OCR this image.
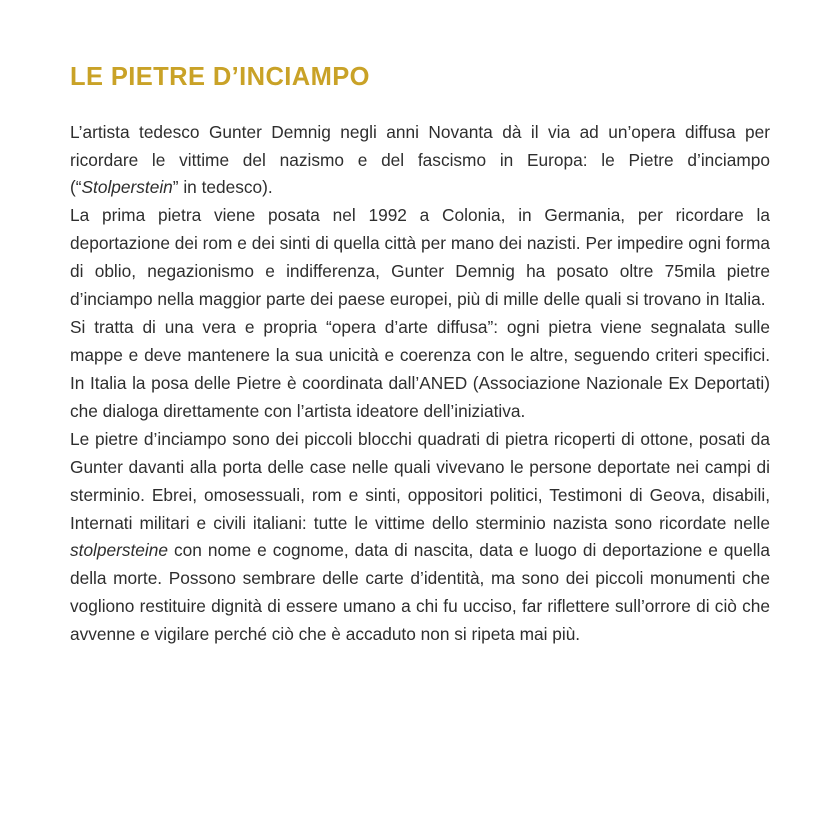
LE PIETRE D’INCIAMPO

L’artista tedesco Gunter Demnig negli anni Novanta dà il via ad un’opera diffusa per ricordare le vittime del nazismo e del fascismo in Europa: le Pietre d’inciampo (“Stolperstein” in tedesco).

La prima pietra viene posata nel 1992 a Colonia, in Germania, per ricordare la deportazione dei rom e dei sinti di quella città per mano dei nazisti. Per impedire ogni forma di oblio, negazionismo e indifferenza, Gunter Demnig ha posato oltre 75mila pietre d’inciampo nella maggior parte dei paese europei, più di mille delle quali si trovano in Italia.

Si tratta di una vera e propria “opera d’arte diffusa”: ogni pietra viene segnalata sulle mappe e deve mantenere la sua unicità e coerenza con le altre, seguendo criteri specifici. In Italia la posa delle Pietre è coordinata dall’ANED (Associazione Nazionale Ex Deportati) che dialoga direttamente con l’artista ideatore dell’iniziativa.

Le pietre d’inciampo sono dei piccoli blocchi quadrati di pietra ricoperti di ottone, posati da Gunter davanti alla porta delle case nelle quali vivevano le persone deportate nei campi di sterminio. Ebrei, omosessuali, rom e sinti, oppositori politici, Testimoni di Geova, disabili, Internati militari e civili italiani: tutte le vittime dello sterminio nazista sono ricordate nelle stolpersteine con nome e cognome, data di nascita, data e luogo di deportazione e quella della morte. Possono sembrare delle carte d’identità, ma sono dei piccoli monumenti che vogliono restituire dignità di essere umano a chi fu ucciso, far riflettere sull’orrore di ciò che avvenne e vigilare perché ciò che è accaduto non si ripeta mai più.
